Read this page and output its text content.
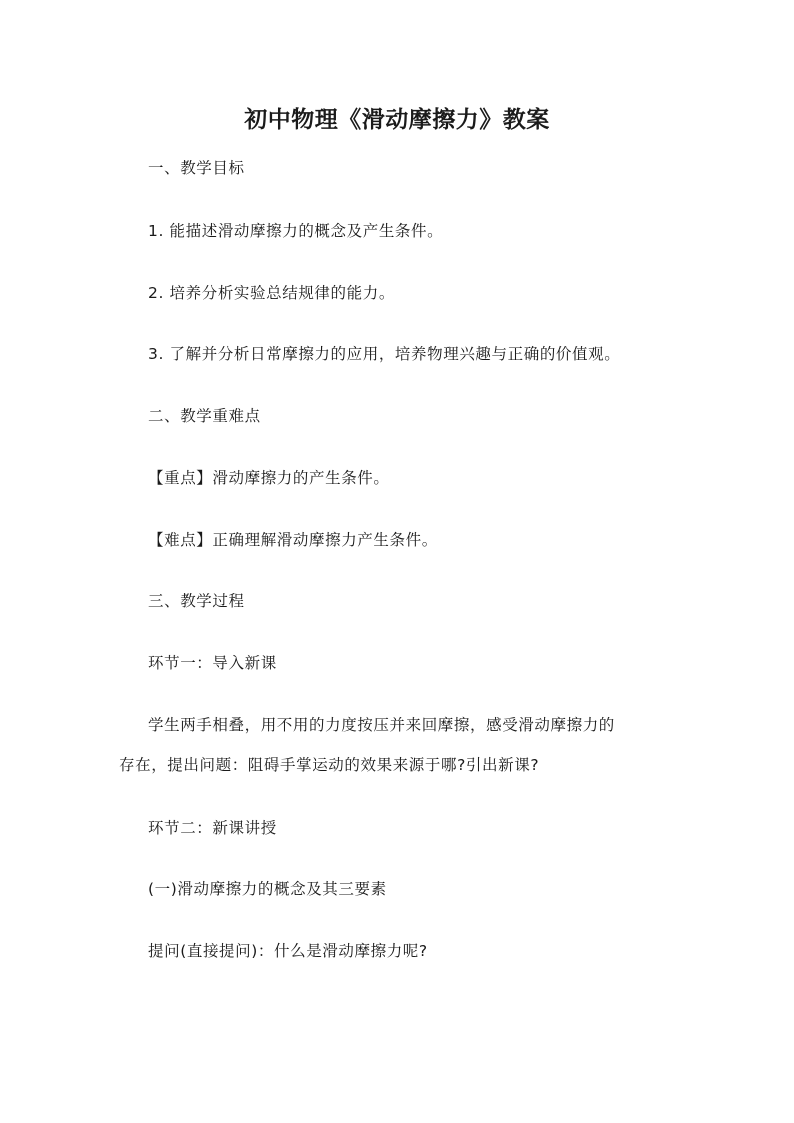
初中物理《滑动摩擦力》教案
一、教学目标
1. 能描述滑动摩擦力的概念及产生条件。
2. 培养分析实验总结规律的能力。
3. 了解并分析日常摩擦力的应用，培养物理兴趣与正确的价值观。
二、教学重难点
【重点】滑动摩擦力的产生条件。
【难点】正确理解滑动摩擦力产生条件。
三、教学过程
环节一：导入新课
学生两手相叠，用不用的力度按压并来回摩擦，感受滑动摩擦力的
存在，提出问题：阻碍手掌运动的效果来源于哪?引出新课?
环节二：新课讲授
(一)滑动摩擦力的概念及其三要素
提问(直接提问)：什么是滑动摩擦力呢?
